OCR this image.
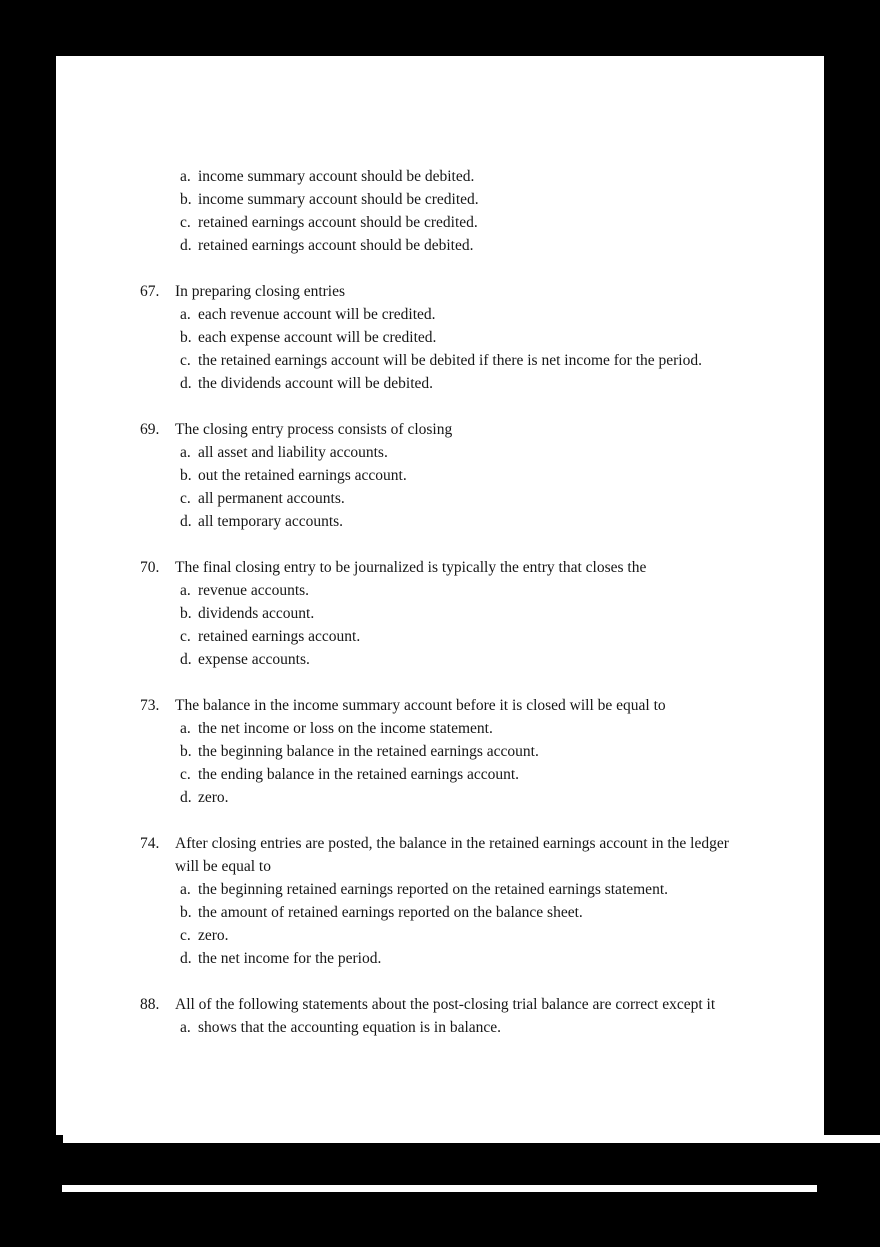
a. income summary account should be debited.
b. income summary account should be credited.
c. retained earnings account should be credited.
d. retained earnings account should be debited.
67. In preparing closing entries
a. each revenue account will be credited.
b. each expense account will be credited.
c. the retained earnings account will be debited if there is net income for the period.
d. the dividends account will be debited.
69. The closing entry process consists of closing
a. all asset and liability accounts.
b. out the retained earnings account.
c. all permanent accounts.
d. all temporary accounts.
70. The final closing entry to be journalized is typically the entry that closes the
a. revenue accounts.
b. dividends account.
c. retained earnings account.
d. expense accounts.
73. The balance in the income summary account before it is closed will be equal to
a. the net income or loss on the income statement.
b. the beginning balance in the retained earnings account.
c. the ending balance in the retained earnings account.
d. zero.
74. After closing entries are posted, the balance in the retained earnings account in the ledger
will be equal to
a. the beginning retained earnings reported on the retained earnings statement.
b. the amount of retained earnings reported on the balance sheet.
c. zero.
d. the net income for the period.
88. All of the following statements about the post-closing trial balance are correct except it
a. shows that the accounting equation is in balance.
